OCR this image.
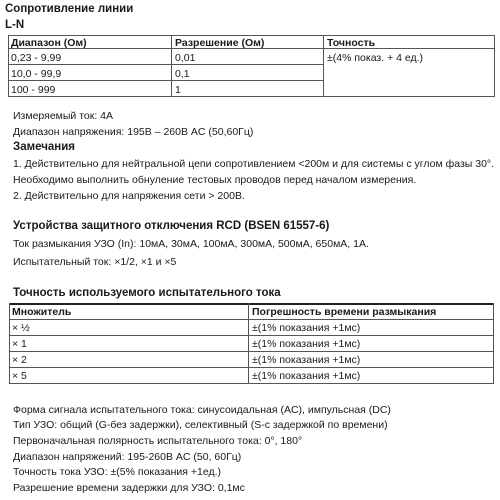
Сопротивление линии
L-N
Диапазон (Ом)	Разрешение (Ом)	Точность
0,23 - 9,99	0,01
10,0 - 99,9	0,1
100 - 999	1
±(4% показ. + 4 ед.)
Измеряемый ток: 4А
Диапазон напряжения: 195В – 260В AC (50,60Гц)
Замечания
1. Действительно для нейтральной цепи сопротивлением <200м и для системы с углом фазы 30°.
Необходимо выполнить обнуление тестовых проводов перед началом измерения.
2. Действительно для напряжения сети > 200В.
Устройства защитного отключения RCD (BSEN 61557-6)
Ток размыкания УЗО (In): 10мА, 30мА, 100мА, 300мА, 500мА, 650мА, 1А.
Испытательный ток: ×1/2, ×1 и ×5
Точность используемого испытательного тока
Множитель	Погрешность времени размыкания
× ½	±(1% показания +1мс)
× 1	±(1% показания +1мс)
× 2	±(1% показания +1мс)
× 5	±(1% показания +1мс)
Форма сигнала испытательного тока: синусоидальная (AC), импульсная (DC)
Тип УЗО: общий (G-без задержки), селективный (S-с задержкой по времени)
Первоначальная полярность испытательного тока: 0°, 180°
Диапазон напряжений: 195-260В AC (50, 60Гц)
Точность тока УЗО: ±(5% показания +1ед.)
Разрешение времени задержки для УЗО: 0,1мс
